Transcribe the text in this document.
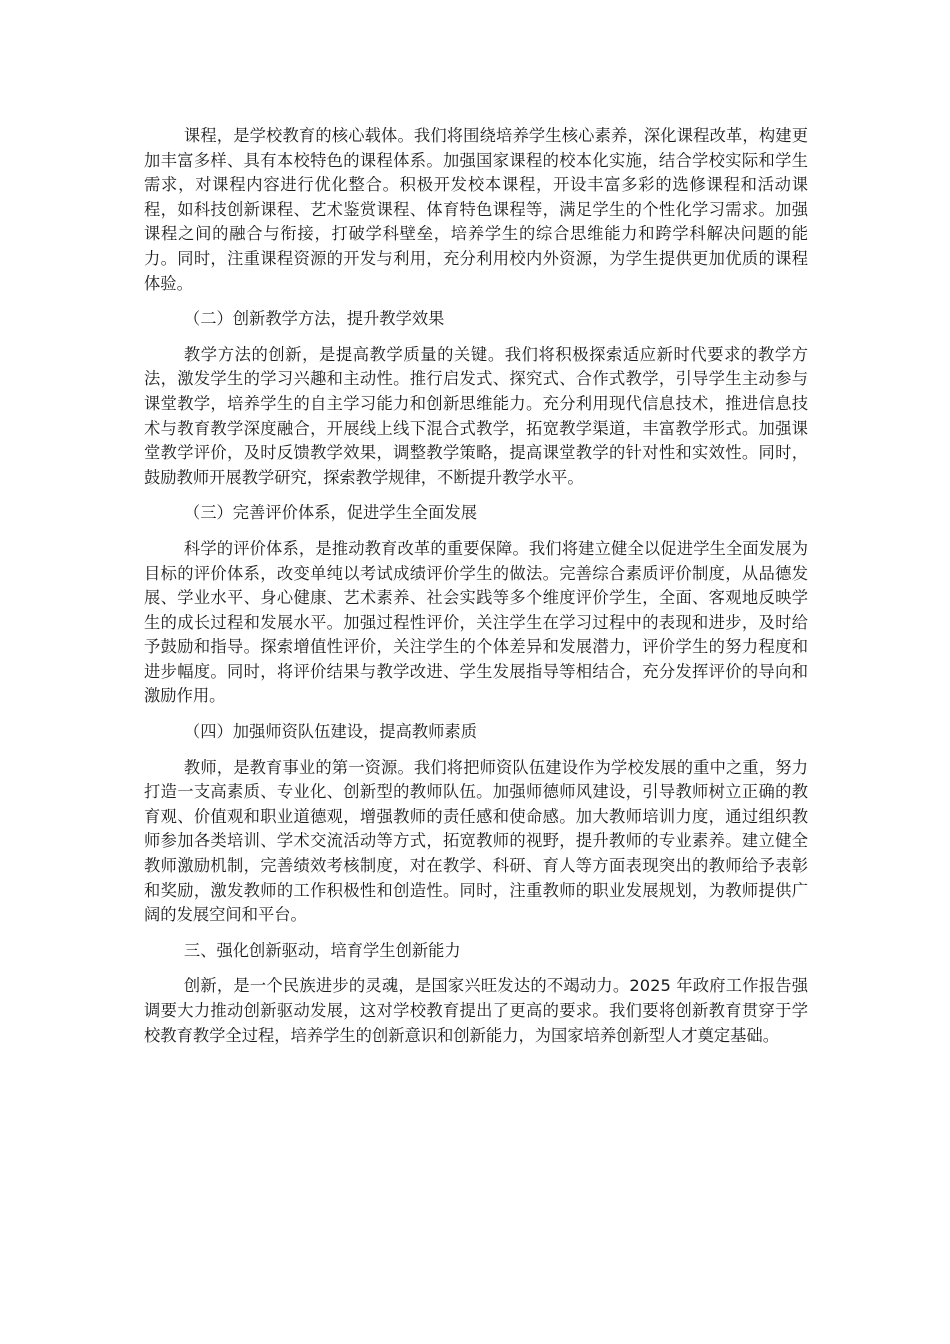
课程，是学校教育的核心载体。我们将围绕培养学生核心素养，深化课程改革，构建更加丰富多样、具有本校特色的课程体系。加强国家课程的校本化实施，结合学校实际和学生需求，对课程内容进行优化整合。积极开发校本课程，开设丰富多彩的选修课程和活动课程，如科技创新课程、艺术鉴赏课程、体育特色课程等，满足学生的个性化学习需求。加强课程之间的融合与衔接，打破学科壁垒，培养学生的综合思维能力和跨学科解决问题的能力。同时，注重课程资源的开发与利用，充分利用校内外资源，为学生提供更加优质的课程体验。

（二）创新教学方法，提升教学效果

教学方法的创新，是提高教学质量的关键。我们将积极探索适应新时代要求的教学方法，激发学生的学习兴趣和主动性。推行启发式、探究式、合作式教学，引导学生主动参与课堂教学，培养学生的自主学习能力和创新思维能力。充分利用现代信息技术，推进信息技术与教育教学深度融合，开展线上线下混合式教学，拓宽教学渠道，丰富教学形式。加强课堂教学评价，及时反馈教学效果，调整教学策略，提高课堂教学的针对性和实效性。同时，鼓励教师开展教学研究，探索教学规律，不断提升教学水平。

（三）完善评价体系，促进学生全面发展

科学的评价体系，是推动教育改革的重要保障。我们将建立健全以促进学生全面发展为目标的评价体系，改变单纯以考试成绩评价学生的做法。完善综合素质评价制度，从品德发展、学业水平、身心健康、艺术素养、社会实践等多个维度评价学生，全面、客观地反映学生的成长过程和发展水平。加强过程性评价，关注学生在学习过程中的表现和进步，及时给予鼓励和指导。探索增值性评价，关注学生的个体差异和发展潜力，评价学生的努力程度和进步幅度。同时，将评价结果与教学改进、学生发展指导等相结合，充分发挥评价的导向和激励作用。

（四）加强师资队伍建设，提高教师素质

教师，是教育事业的第一资源。我们将把师资队伍建设作为学校发展的重中之重，努力打造一支高素质、专业化、创新型的教师队伍。加强师德师风建设，引导教师树立正确的教育观、价值观和职业道德观，增强教师的责任感和使命感。加大教师培训力度，通过组织教师参加各类培训、学术交流活动等方式，拓宽教师的视野，提升教师的专业素养。建立健全教师激励机制，完善绩效考核制度，对在教学、科研、育人等方面表现突出的教师给予表彰和奖励，激发教师的工作积极性和创造性。同时，注重教师的职业发展规划，为教师提供广阔的发展空间和平台。

三、强化创新驱动，培育学生创新能力

创新，是一个民族进步的灵魂，是国家兴旺发达的不竭动力。2025 年政府工作报告强调要大力推动创新驱动发展，这对学校教育提出了更高的要求。我们要将创新教育贯穿于学校教育教学全过程，培养学生的创新意识和创新能力，为国家培养创新型人才奠定基础。
